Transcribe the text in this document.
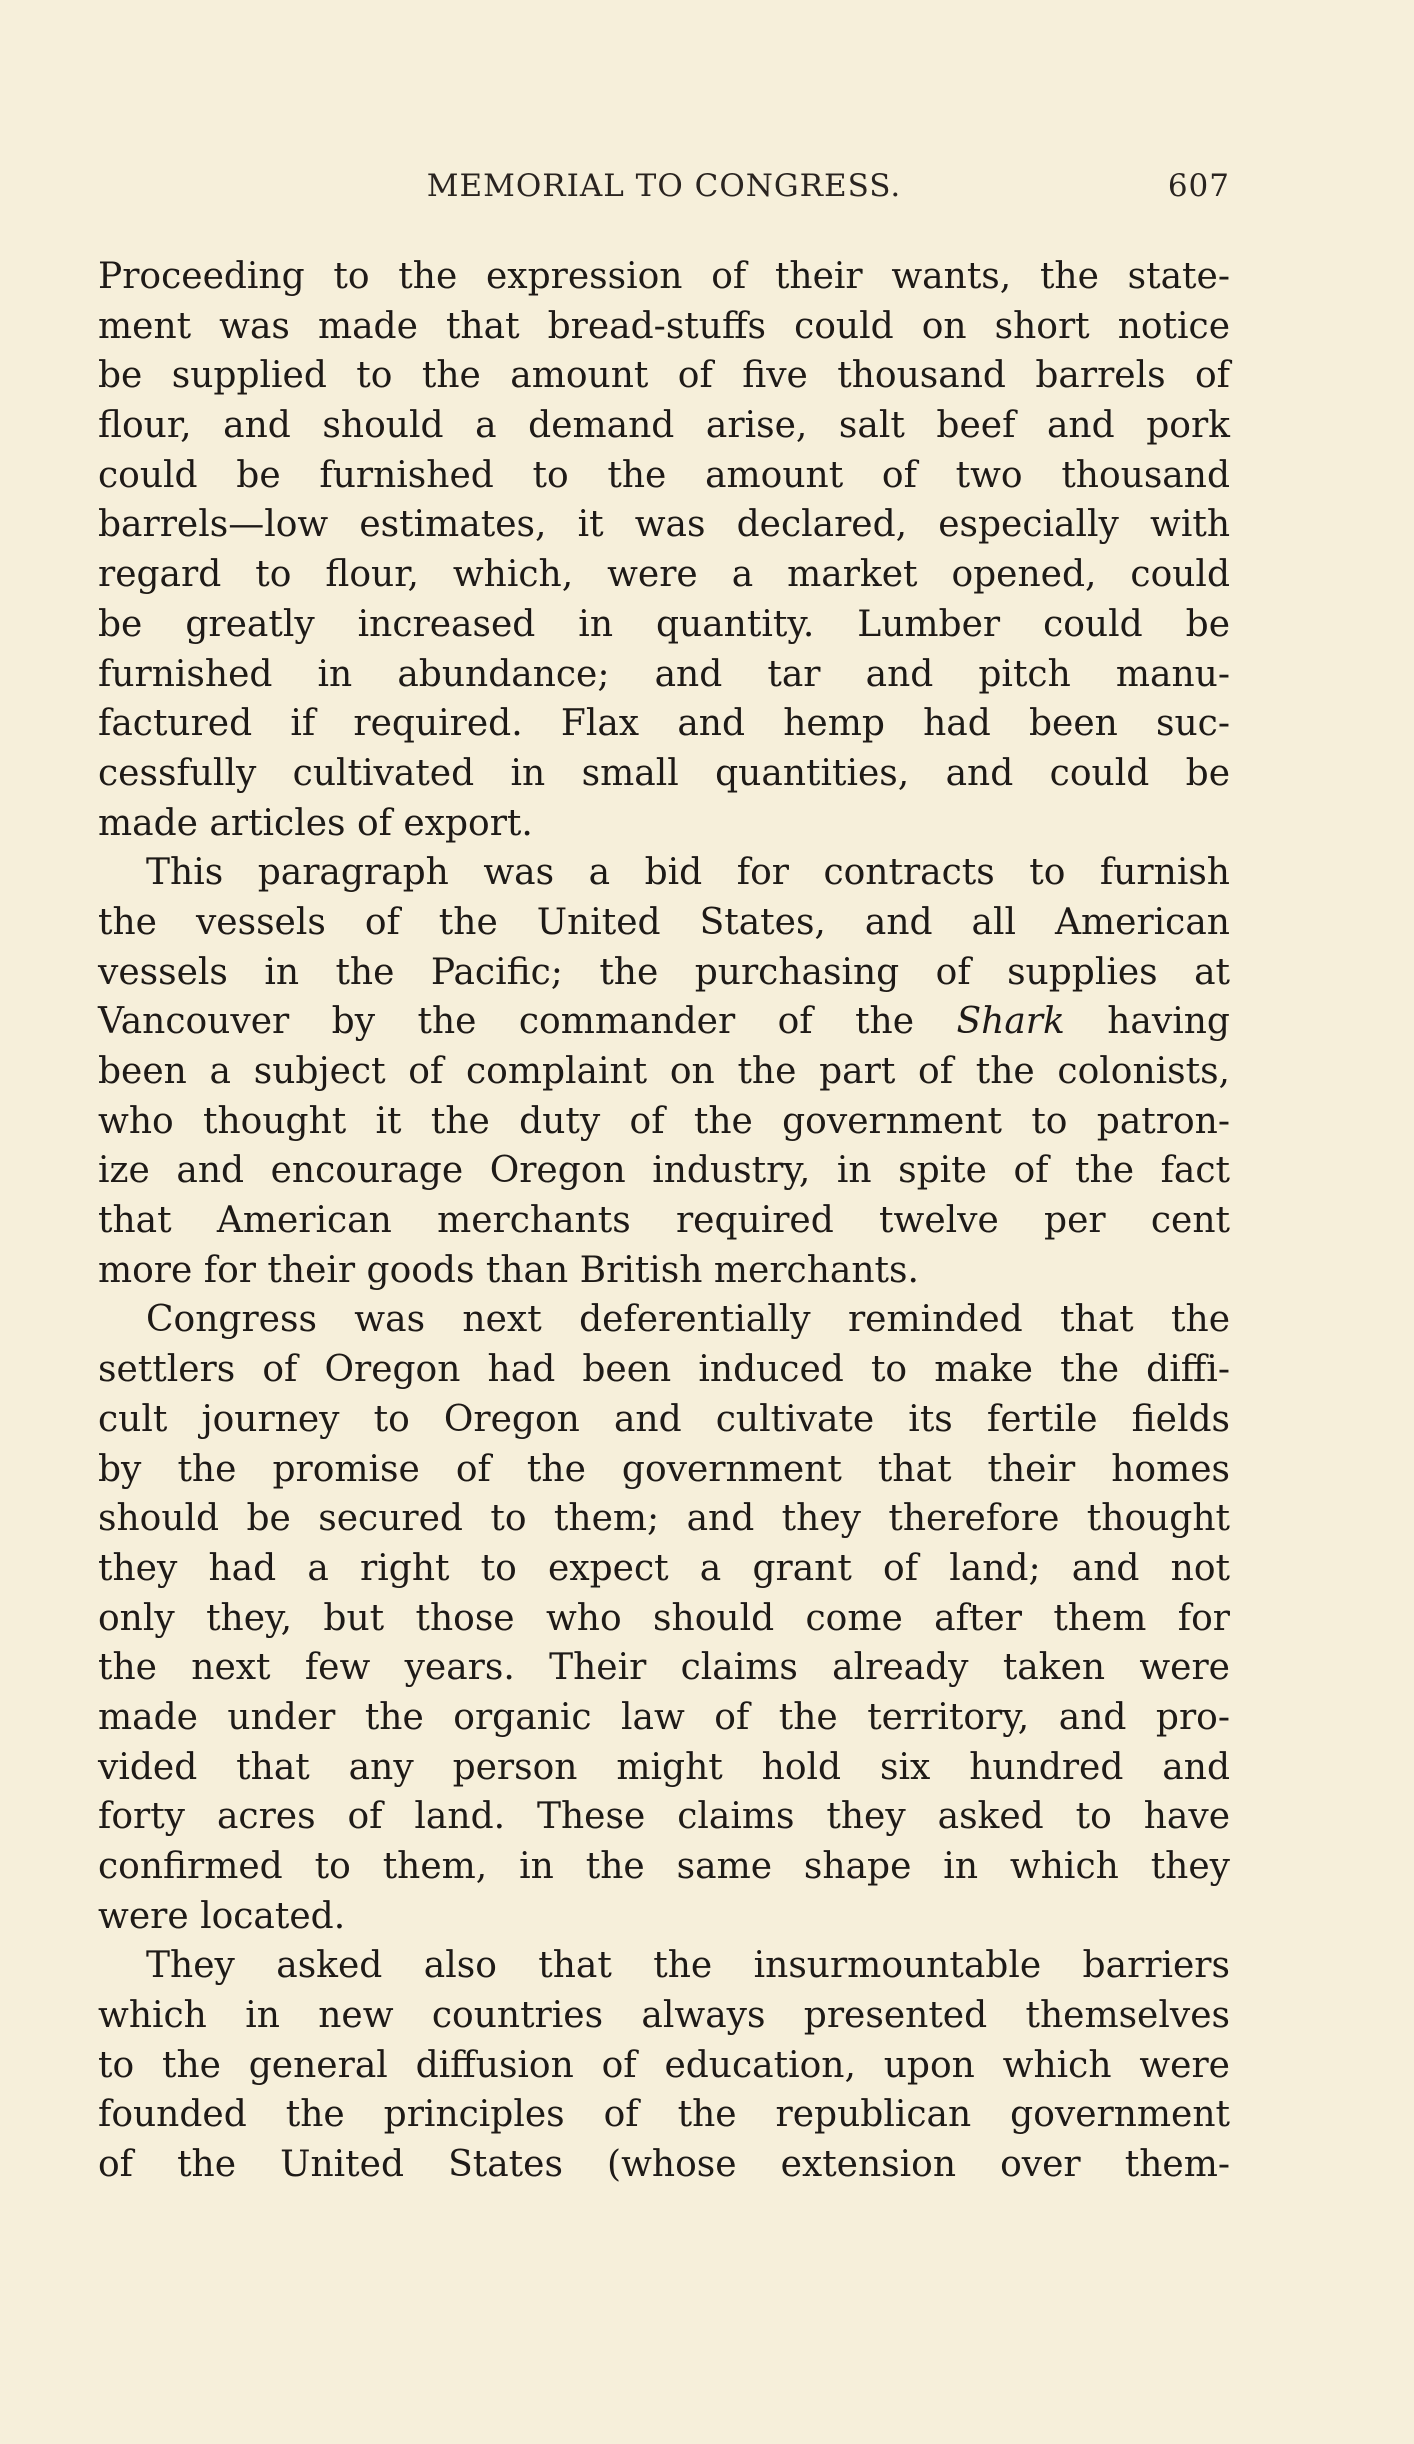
MEMORIAL TO CONGRESS.	607
Proceeding to the expression of their wants, the state-
ment was made that bread-stuffs could on short notice
be supplied to the amount of five thousand barrels of
flour, and should a demand arise, salt beef and pork
could be furnished to the amount of two thousand
barrels—low estimates, it was declared, especially with
regard to flour, which, were a market opened, could
be greatly increased in quantity. Lumber could be
furnished in abundance; and tar and pitch manu-
factured if required. Flax and hemp had been suc-
cessfully cultivated in small quantities, and could be
made articles of export.
This paragraph was a bid for contracts to furnish
the vessels of the United States, and all American
vessels in the Pacific; the purchasing of supplies at
Vancouver by the commander of the Shark having
been a subject of complaint on the part of the colonists,
who thought it the duty of the government to patron-
ize and encourage Oregon industry, in spite of the fact
that American merchants required twelve per cent
more for their goods than British merchants.
Congress was next deferentially reminded that the
settlers of Oregon had been induced to make the diffi-
cult journey to Oregon and cultivate its fertile fields
by the promise of the government that their homes
should be secured to them; and they therefore thought
they had a right to expect a grant of land; and not
only they, but those who should come after them for
the next few years. Their claims already taken were
made under the organic law of the territory, and pro-
vided that any person might hold six hundred and
forty acres of land. These claims they asked to have
confirmed to them, in the same shape in which they
were located.
They asked also that the insurmountable barriers
which in new countries always presented themselves
to the general diffusion of education, upon which were
founded the principles of the republican government
of the United States (whose extension over them-
